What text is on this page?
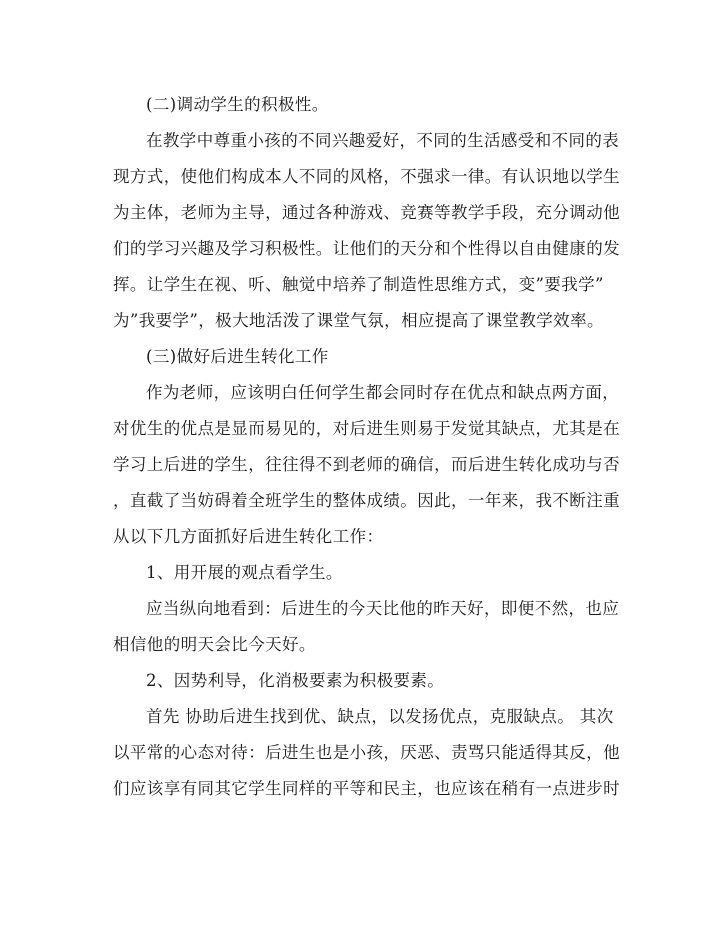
(二)调动学生的积极性。
在教学中尊重小孩的不同兴趣爱好，不同的生活感受和不同的表
现方式，使他们构成本人不同的风格，不强求一律。有认识地以学生
为主体，老师为主导，通过各种游戏、竞赛等教学手段，充分调动他
们的学习兴趣及学习积极性。让他们的天分和个性得以自由健康的发
挥。让学生在视、听、触觉中培养了制造性思维方式，变”要我学”
为”我要学”，极大地活泼了课堂气氛，相应提高了课堂教学效率。
(三)做好后进生转化工作
作为老师，应该明白任何学生都会同时存在优点和缺点两方面，
对优生的优点是显而易见的，对后进生则易于发觉其缺点，尤其是在
学习上后进的学生，往往得不到老师的确信，而后进生转化成功与否
，直截了当妨碍着全班学生的整体成绩。因此，一年来，我不断注重
从以下几方面抓好后进生转化工作：
1、用开展的观点看学生。
应当纵向地看到：后进生的今天比他的昨天好，即便不然，也应
相信他的明天会比今天好。
2、因势利导，化消极要素为积极要素。
首先 协助后进生找到优、缺点，以发扬优点，克服缺点。 其次
以平常的心态对待：后进生也是小孩，厌恶、责骂只能适得其反，他
们应该享有同其它学生同样的平等和民主，也应该在稍有一点进步时
